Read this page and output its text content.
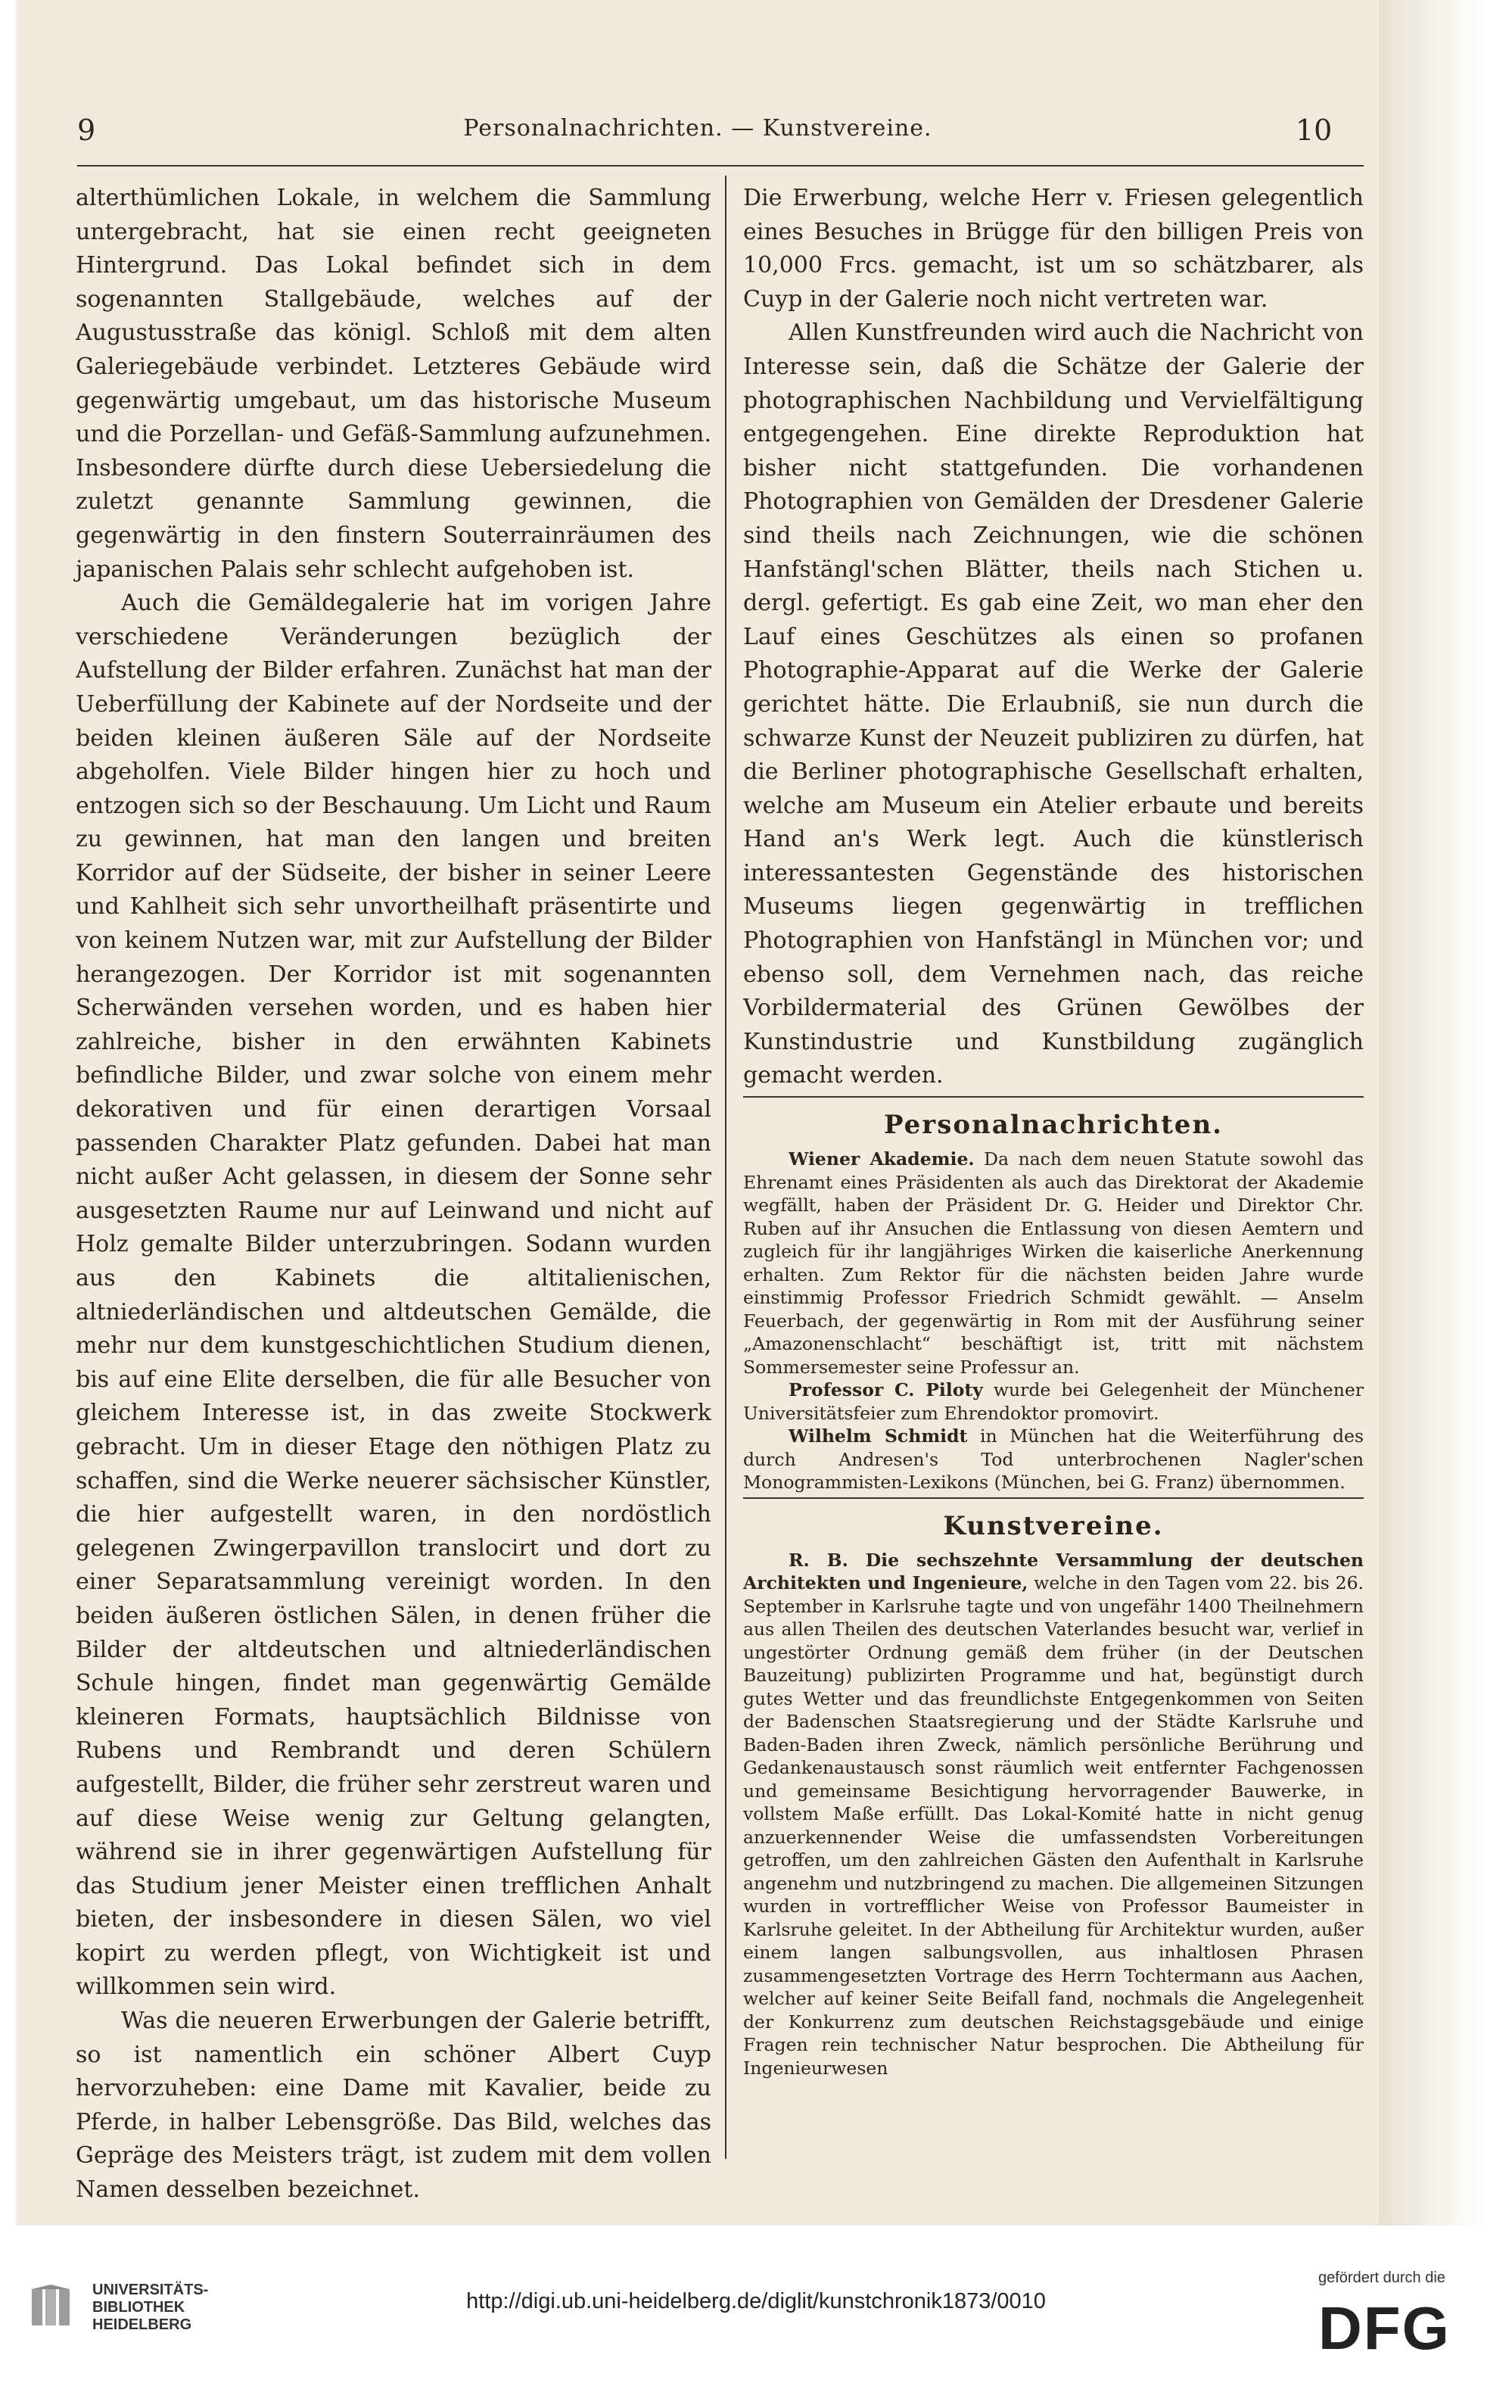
9	Personalnachrichten. — Kunstvereine.	10

alterthümlichen Lokale, in welchem die Sammlung untergebracht, hat sie einen recht geeigneten Hintergrund. Das Lokal befindet sich in dem sogenannten Stallgebäude, welches auf der Augustusstraße das königl. Schloß mit dem alten Galeriegebäude verbindet. Letzteres Gebäude wird gegenwärtig umgebaut, um das historische Museum und die Porzellan- und Gefäß-Sammlung aufzunehmen. Insbesondere dürfte durch diese Uebersiedelung die zuletzt genannte Sammlung gewinnen, die gegenwärtig in den finstern Souterrainräumen des japanischen Palais sehr schlecht aufgehoben ist.

Auch die Gemäldegalerie hat im vorigen Jahre verschiedene Veränderungen bezüglich der Aufstellung der Bilder erfahren. Zunächst hat man der Ueberfüllung der Kabinete auf der Nordseite und der beiden kleinen äußeren Säle auf der Nordseite abgeholfen. Viele Bilder hingen hier zu hoch und entzogen sich so der Beschauung. Um Licht und Raum zu gewinnen, hat man den langen und breiten Korridor auf der Südseite, der bisher in seiner Leere und Kahlheit sich sehr unvortheilhaft präsentirte und von keinem Nutzen war, mit zur Aufstellung der Bilder herangezogen. Der Korridor ist mit sogenannten Scherwänden versehen worden, und es haben hier zahlreiche, bisher in den erwähnten Kabinets befindliche Bilder, und zwar solche von einem mehr dekorativen und für einen derartigen Vorsaal passenden Charakter Platz gefunden. Dabei hat man nicht außer Acht gelassen, in diesem der Sonne sehr ausgesetzten Raume nur auf Leinwand und nicht auf Holz gemalte Bilder unterzubringen. Sodann wurden aus den Kabinets die altitalienischen, altniederländischen und altdeutschen Gemälde, die mehr nur dem kunstgeschichtlichen Studium dienen, bis auf eine Elite derselben, die für alle Besucher von gleichem Interesse ist, in das zweite Stockwerk gebracht. Um in dieser Etage den nöthigen Platz zu schaffen, sind die Werke neuerer sächsischer Künstler, die hier aufgestellt waren, in den nordöstlich gelegenen Zwingerpavillon translocirt und dort zu einer Separatsammlung vereinigt worden. In den beiden äußeren östlichen Sälen, in denen früher die Bilder der altdeutschen und altniederländischen Schule hingen, findet man gegenwärtig Gemälde kleineren Formats, hauptsächlich Bildnisse von Rubens und Rembrandt und deren Schülern aufgestellt, Bilder, die früher sehr zerstreut waren und auf diese Weise wenig zur Geltung gelangten, während sie in ihrer gegenwärtigen Aufstellung für das Studium jener Meister einen trefflichen Anhalt bieten, der insbesondere in diesen Sälen, wo viel kopirt zu werden pflegt, von Wichtigkeit ist und willkommen sein wird.

Was die neueren Erwerbungen der Galerie betrifft, so ist namentlich ein schöner Albert Cuyp hervorzuheben: eine Dame mit Kavalier, beide zu Pferde, in halber Lebensgröße. Das Bild, welches das Gepräge des Meisters trägt, ist zudem mit dem vollen Namen desselben bezeichnet.

Die Erwerbung, welche Herr v. Friesen gelegentlich eines Besuches in Brügge für den billigen Preis von 10,000 Frcs. gemacht, ist um so schätzbarer, als Cuyp in der Galerie noch nicht vertreten war.

Allen Kunstfreunden wird auch die Nachricht von Interesse sein, daß die Schätze der Galerie der photographischen Nachbildung und Vervielfältigung entgegengehen. Eine direkte Reproduktion hat bisher nicht stattgefunden. Die vorhandenen Photographien von Gemälden der Dresdener Galerie sind theils nach Zeichnungen, wie die schönen Hanfstängl'schen Blätter, theils nach Stichen u. dergl. gefertigt. Es gab eine Zeit, wo man eher den Lauf eines Geschützes als einen so profanen Photographie-Apparat auf die Werke der Galerie gerichtet hätte. Die Erlaubniß, sie nun durch die schwarze Kunst der Neuzeit publiziren zu dürfen, hat die Berliner photographische Gesellschaft erhalten, welche am Museum ein Atelier erbaute und bereits Hand an's Werk legt. Auch die künstlerisch interessantesten Gegenstände des historischen Museums liegen gegenwärtig in trefflichen Photographien von Hanfstängl in München vor; und ebenso soll, dem Vernehmen nach, das reiche Vorbildermaterial des Grünen Gewölbes der Kunstindustrie und Kunstbildung zugänglich gemacht werden.

Personalnachrichten.

Wiener Akademie. Da nach dem neuen Statute sowohl das Ehrenamt eines Präsidenten als auch das Direktorat der Akademie wegfällt, haben der Präsident Dr. G. Heider und Direktor Chr. Ruben auf ihr Ansuchen die Entlassung von diesen Aemtern und zugleich für ihr langjähriges Wirken die kaiserliche Anerkennung erhalten. Zum Rektor für die nächsten beiden Jahre wurde einstimmig Professor Friedrich Schmidt gewählt. — Anselm Feuerbach, der gegenwärtig in Rom mit der Ausführung seiner „Amazonenschlacht“ beschäftigt ist, tritt mit nächstem Sommersemester seine Professur an.

Professor C. Piloty wurde bei Gelegenheit der Münchener Universitätsfeier zum Ehrendoktor promovirt.

Wilhelm Schmidt in München hat die Weiterführung des durch Andresen's Tod unterbrochenen Nagler'schen Monogrammisten-Lexikons (München, bei G. Franz) übernommen.

Kunstvereine.

R. B. Die sechszehnte Versammlung der deutschen Architekten und Ingenieure, welche in den Tagen vom 22. bis 26. September in Karlsruhe tagte und von ungefähr 1400 Theilnehmern aus allen Theilen des deutschen Vaterlandes besucht war, verlief in ungestörter Ordnung gemäß dem früher (in der Deutschen Bauzeitung) publizirten Programme und hat, begünstigt durch gutes Wetter und das freundlichste Entgegenkommen von Seiten der Badenschen Staatsregierung und der Städte Karlsruhe und Baden-Baden ihren Zweck, nämlich persönliche Berührung und Gedankenaustausch sonst räumlich weit entfernter Fachgenossen und gemeinsame Besichtigung hervorragender Bauwerke, in vollstem Maße erfüllt. Das Lokal-Komité hatte in nicht genug anzuerkennender Weise die umfassendsten Vorbereitungen getroffen, um den zahlreichen Gästen den Aufenthalt in Karlsruhe angenehm und nutzbringend zu machen. Die allgemeinen Sitzungen wurden in vortrefflicher Weise von Professor Baumeister in Karlsruhe geleitet. In der Abtheilung für Architektur wurden, außer einem langen salbungsvollen, aus inhaltlosen Phrasen zusammengesetzten Vortrage des Herrn Tochtermann aus Aachen, welcher auf keiner Seite Beifall fand, nochmals die Angelegenheit der Konkurrenz zum deutschen Reichstagsgebäude und einige Fragen rein technischer Natur besprochen. Die Abtheilung für Ingenieurwesen

UNIVERSITÄTS-
BIBLIOTHEK
HEIDELBERG
http://digi.ub.uni-heidelberg.de/diglit/kunstchronik1873/0010
gefördert durch die
DFG
